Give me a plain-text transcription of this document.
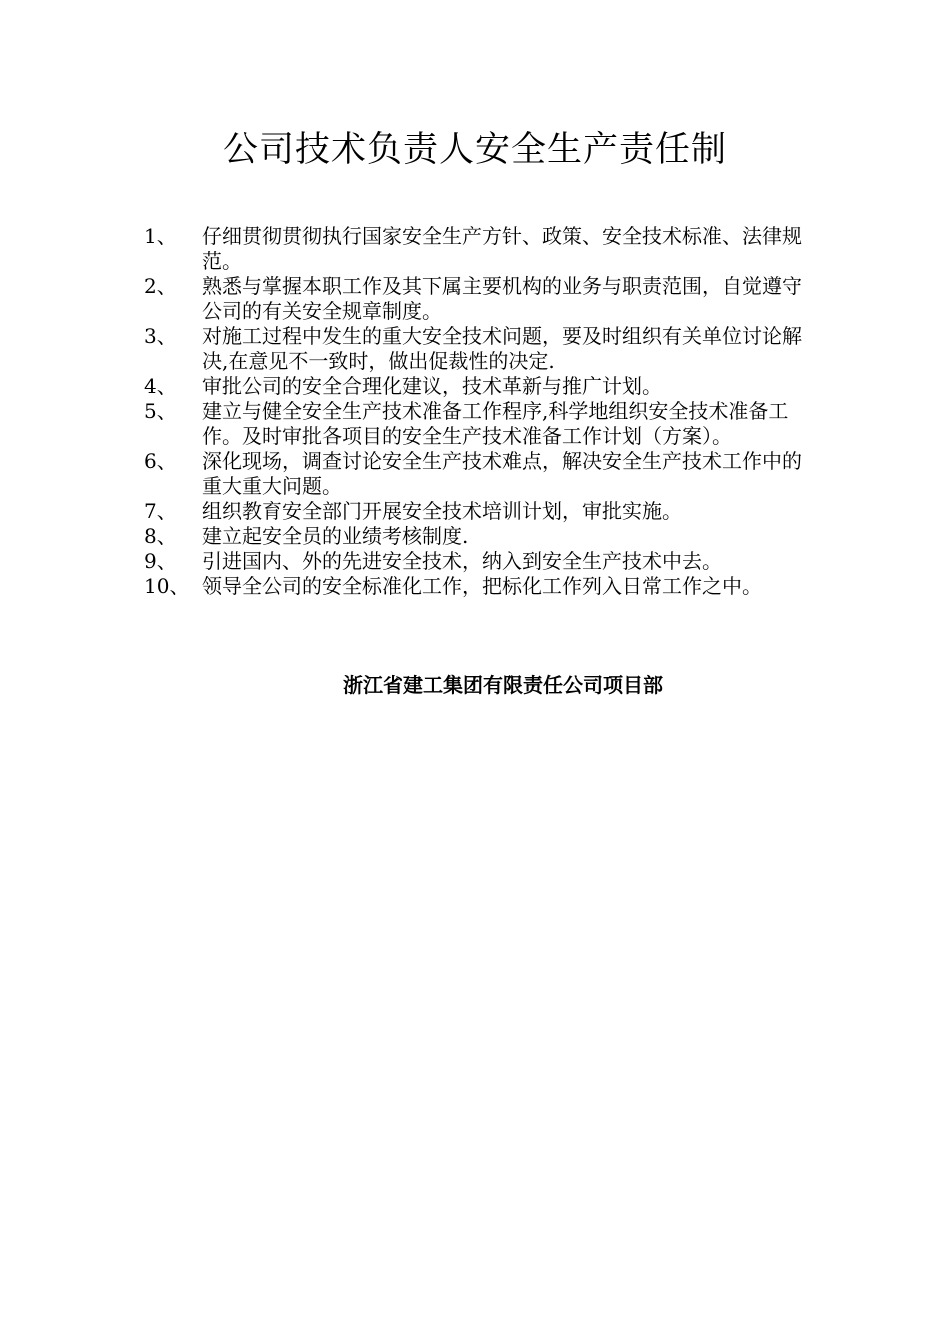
公司技术负责人安全生产责任制
1、	仔细贯彻贯彻执行国家安全生产方针、政策、安全技术标准、法律规范。
2、	熟悉与掌握本职工作及其下属主要机构的业务与职责范围，自觉遵守公司的有关安全规章制度。
3、	对施工过程中发生的重大安全技术问题，要及时组织有关单位讨论解决,在意见不一致时，做出促裁性的决定.
4、	审批公司的安全合理化建议，技术革新与推广计划。
5、	建立与健全安全生产技术准备工作程序,科学地组织安全技术准备工作。及时审批各项目的安全生产技术准备工作计划（方案）。
6、	深化现场，调查讨论安全生产技术难点，解决安全生产技术工作中的重大重大问题。
7、	组织教育安全部门开展安全技术培训计划，审批实施。
8、	建立起安全员的业绩考核制度.
9、	引进国内、外的先进安全技术，纳入到安全生产技术中去。
10、 领导全公司的安全标准化工作，把标化工作列入日常工作之中。
浙江省建工集团有限责任公司项目部
